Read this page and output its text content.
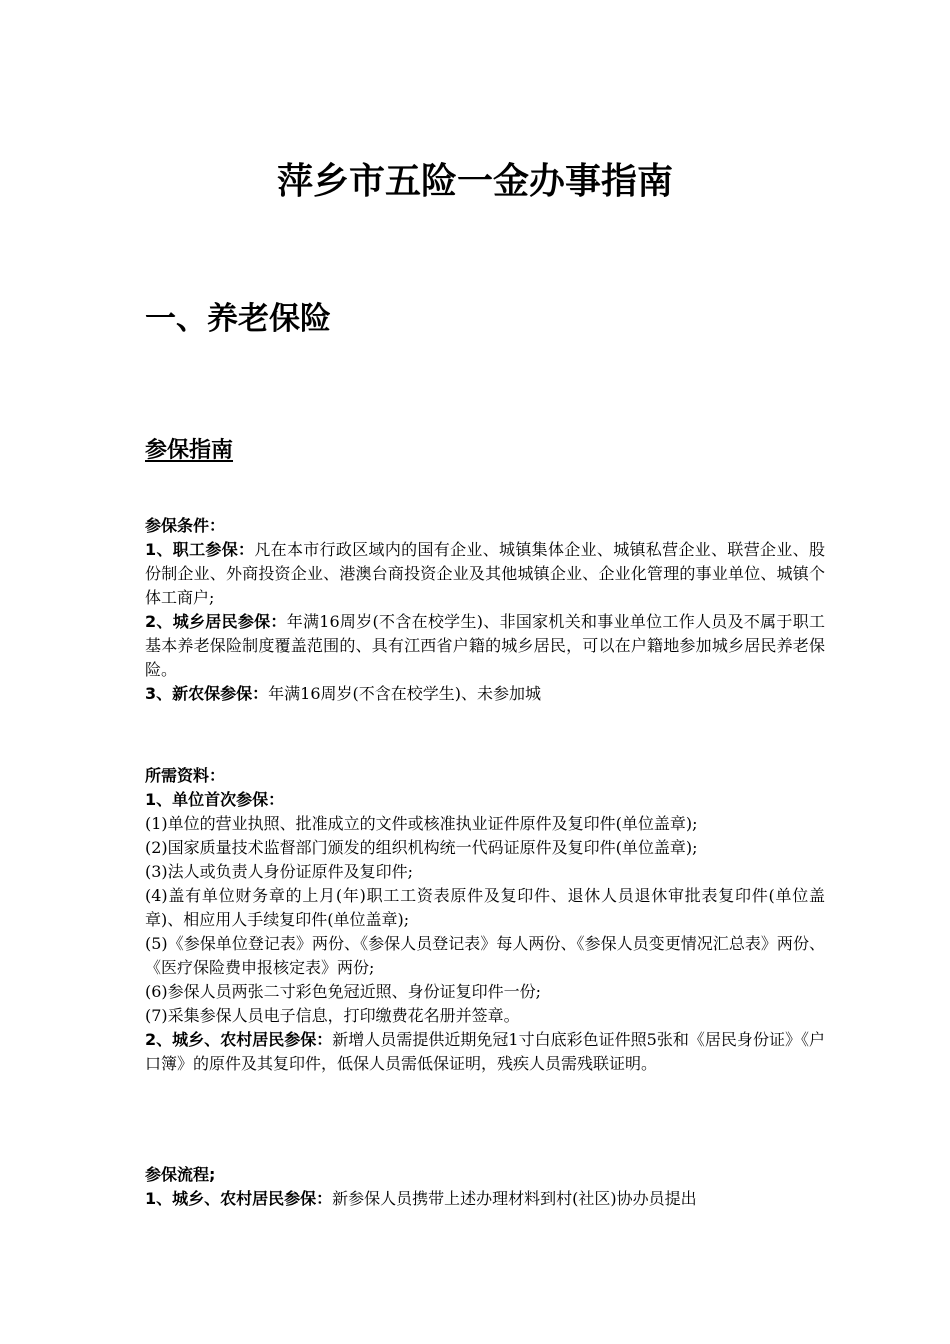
萍乡市五险一金办事指南
一、养老保险
参保指南

参保条件：

1、职工参保：凡在本市行政区域内的国有企业、城镇集体企业、城镇私营企业、联营企业、股份制企业、外商投资企业、港澳台商投资企业及其他城镇企业、企业化管理的事业单位、城镇个体工商户;

2、城乡居民参保：年满16周岁(不含在校学生)、非国家机关和事业单位工作人员及不属于职工基本养老保险制度覆盖范围的、具有江西省户籍的城乡居民，可以在户籍地参加城乡居民养老保险。

3、新农保参保：年满16周岁(不含在校学生)、未参加城

所需资料：

1、单位首次参保：

(1)单位的营业执照、批准成立的文件或核准执业证件原件及复印件(单位盖章);

(2)国家质量技术监督部门颁发的组织机构统一代码证原件及复印件(单位盖章);

(3)法人或负责人身份证原件及复印件;

(4)盖有单位财务章的上月(年)职工工资表原件及复印件、退休人员退休审批表复印件(单位盖章)、相应用人手续复印件(单位盖章);

(5)《参保单位登记表》两份、《参保人员登记表》每人两份、《参保人员变更情况汇总表》两份、《医疗保险费申报核定表》两份;

(6)参保人员两张二寸彩色免冠近照、身份证复印件一份;

(7)采集参保人员电子信息，打印缴费花名册并签章。

2、城乡、农村居民参保：新增人员需提供近期免冠1寸白底彩色证件照5张和《居民身份证》《户口簿》的原件及其复印件，低保人员需低保证明，残疾人员需残联证明。

参保流程;

1、城乡、农村居民参保：新参保人员携带上述办理材料到村(社区)协办员提出
